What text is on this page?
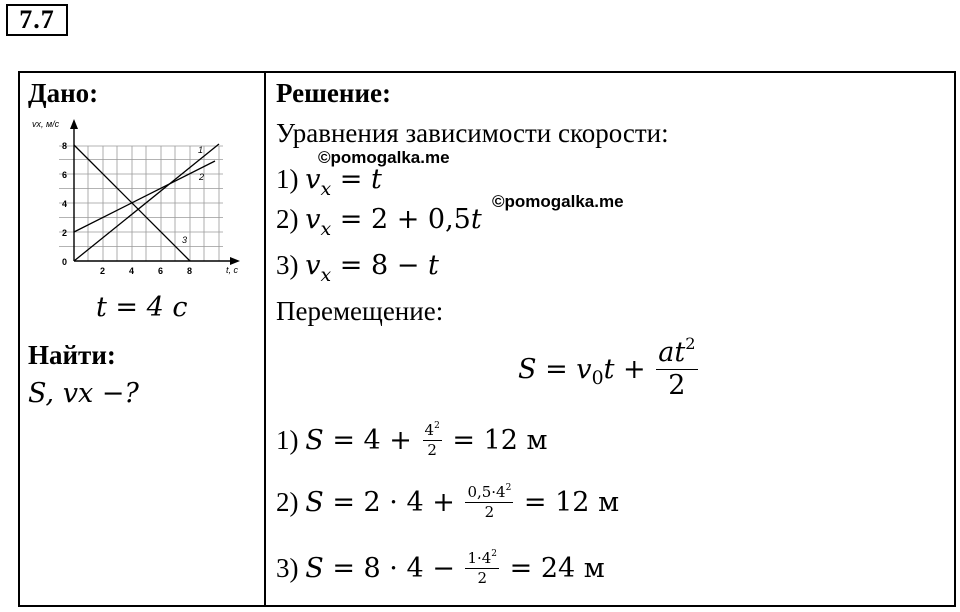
7.7
Дано:
vx, м/с
0
2
4
6
8
2	4	6	8	t, с
1
2
3
t = 4 с
Найти:
S, vx −?
Решение:
Уравнения зависимости скорости:
1) $v_x = t$
2) $v_x = 2 + 0,5t$
3) $v_x = 8 - t$
Перемещение:
$S = v_0t + \frac{at^2}{2}$
1) $S = 4 + \frac{4^2}{2} = 12$ м
2) $S = 2 \cdot 4 + \frac{0,5\cdot 4^2}{2} = 12$ м
3) $S = 8 \cdot 4 - \frac{1\cdot 4^2}{2} = 24$ м
©pomogalka.me
©pomogalka.me
